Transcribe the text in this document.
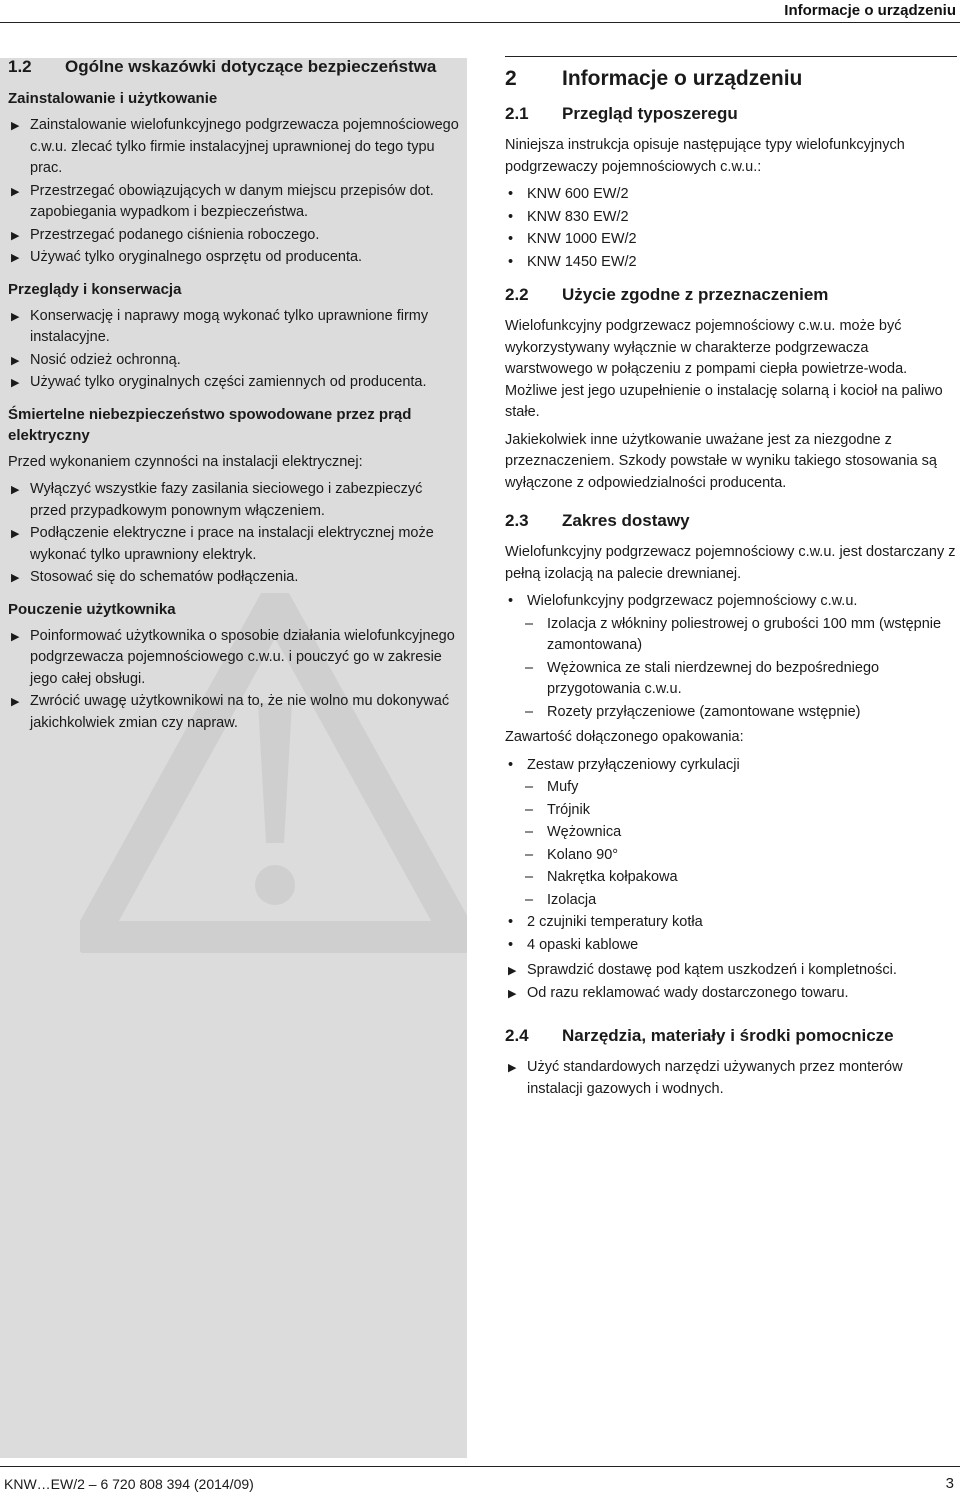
Informacje o urządzeniu
1.2	Ogólne wskazówki dotyczące bezpieczeństwa
Zainstalowanie i użytkowanie
▶ Zainstalowanie wielofunkcyjnego podgrzewacza pojemnościowego c.w.u. zlecać tylko firmie instalacyjnej uprawnionej do tego typu prac.
▶ Przestrzegać obowiązujących w danym miejscu przepisów dot. zapobiegania wypadkom i bezpieczeństwa.
▶ Przestrzegać podanego ciśnienia roboczego.
▶ Używać tylko oryginalnego osprzętu od producenta.
Przeglądy i konserwacja
▶ Konserwację i naprawy mogą wykonać tylko uprawnione firmy instalacyjne.
▶ Nosić odzież ochronną.
▶ Używać tylko oryginalnych części zamiennych od producenta.
Śmiertelne niebezpieczeństwo spowodowane przez prąd elektryczny
Przed wykonaniem czynności na instalacji elektrycznej:
▶ Wyłączyć wszystkie fazy zasilania sieciowego i zabezpieczyć przed przypadkowym ponownym włączeniem.
▶ Podłączenie elektryczne i prace na instalacji elektrycznej może wykonać tylko uprawniony elektryk.
▶ Stosować się do schematów podłączenia.
Pouczenie użytkownika
▶ Poinformować użytkownika o sposobie działania wielofunkcyjnego podgrzewacza pojemnościowego c.w.u. i pouczyć go w zakresie jego całej obsługi.
▶ Zwrócić uwagę użytkownikowi na to, że nie wolno mu dokonywać jakichkolwiek zmian czy napraw.
2	Informacje o urządzeniu
2.1	Przegląd typoszeregu
Niniejsza instrukcja opisuje następujące typy wielofunkcyjnych podgrzewaczy pojemnościowych c.w.u.:
• KNW 600 EW/2
• KNW 830 EW/2
• KNW 1000 EW/2
• KNW 1450 EW/2
2.2	Użycie zgodne z przeznaczeniem
Wielofunkcyjny podgrzewacz pojemnościowy c.w.u. może być wykorzystywany wyłącznie w charakterze podgrzewacza warstwowego w połączeniu z pompami ciepła powietrze-woda. Możliwe jest jego uzupełnienie o instalację solarną i kocioł na paliwo stałe.
Jakiekolwiek inne użytkowanie uważane jest za niezgodne z przeznaczeniem. Szkody powstałe w wyniku takiego stosowania są wyłączone z odpowiedzialności producenta.
2.3	Zakres dostawy
Wielofunkcyjny podgrzewacz pojemnościowy c.w.u. jest dostarczany z pełną izolacją na palecie drewnianej.
• Wielofunkcyjny podgrzewacz pojemnościowy c.w.u.
– Izolacja z włókniny poliestrowej o grubości 100 mm (wstępnie zamontowana)
– Wężownica ze stali nierdzewnej do bezpośredniego przygotowania c.w.u.
– Rozety przyłączeniowe (zamontowane wstępnie)
Zawartość dołączonego opakowania:
• Zestaw przyłączeniowy cyrkulacji
– Mufy
– Trójnik
– Wężownica
– Kolano 90°
– Nakrętka kołpakowa
– Izolacja
• 2 czujniki temperatury kotła
• 4 opaski kablowe
▶ Sprawdzić dostawę pod kątem uszkodzeń i kompletności.
▶ Od razu reklamować wady dostarczonego towaru.
2.4	Narzędzia, materiały i środki pomocnicze
▶ Użyć standardowych narzędzi używanych przez monterów instalacji gazowych i wodnych.
KNW…EW/2 – 6 720 808 394 (2014/09)	3
